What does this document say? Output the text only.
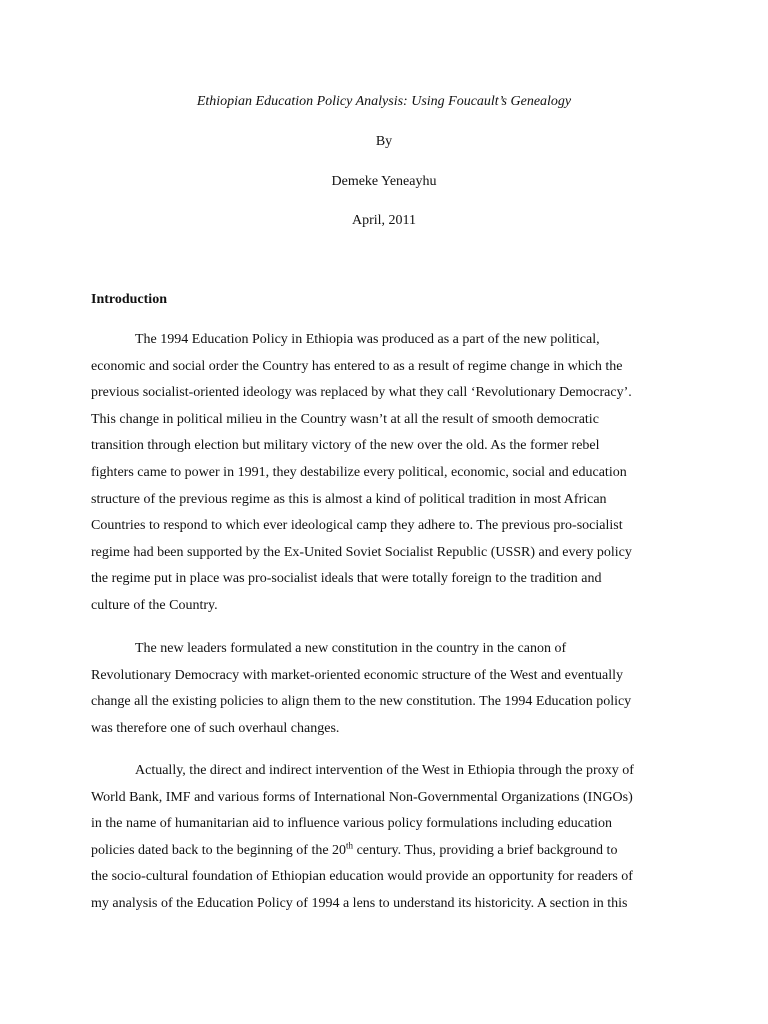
Ethiopian Education Policy Analysis: Using Foucault’s Genealogy
By
Demeke Yeneayhu
April, 2011
Introduction
The 1994 Education Policy in Ethiopia was produced as a part of the new political,
economic and social order the Country has entered to as a result of regime change in which the
previous socialist-oriented ideology was replaced by what they call ‘Revolutionary Democracy’.
This change in political milieu in the Country wasn’t at all the result of smooth democratic
transition through election but military victory of the new over the old. As the former rebel
fighters came to power in 1991, they destabilize every political, economic, social and education
structure of the previous regime as this is almost a kind of political tradition in most African
Countries to respond to which ever ideological camp they adhere to. The previous pro-socialist
regime had been supported by the Ex-United Soviet Socialist Republic (USSR) and every policy
the regime put in place was pro-socialist ideals that were totally foreign to the tradition and
culture of the Country.
The new leaders formulated a new constitution in the country in the canon of
Revolutionary Democracy with market-oriented economic structure of the West and eventually
change all the existing policies to align them to the new constitution. The 1994 Education policy
was therefore one of such overhaul changes.
Actually, the direct and indirect intervention of the West in Ethiopia through the proxy of
World Bank, IMF and various forms of International Non-Governmental Organizations (INGOs)
in the name of humanitarian aid to influence various policy formulations including education
policies dated back to the beginning of the 20th century. Thus, providing a brief background to
the socio-cultural foundation of Ethiopian education would provide an opportunity for readers of
my analysis of the Education Policy of 1994 a lens to understand its historicity. A section in this
